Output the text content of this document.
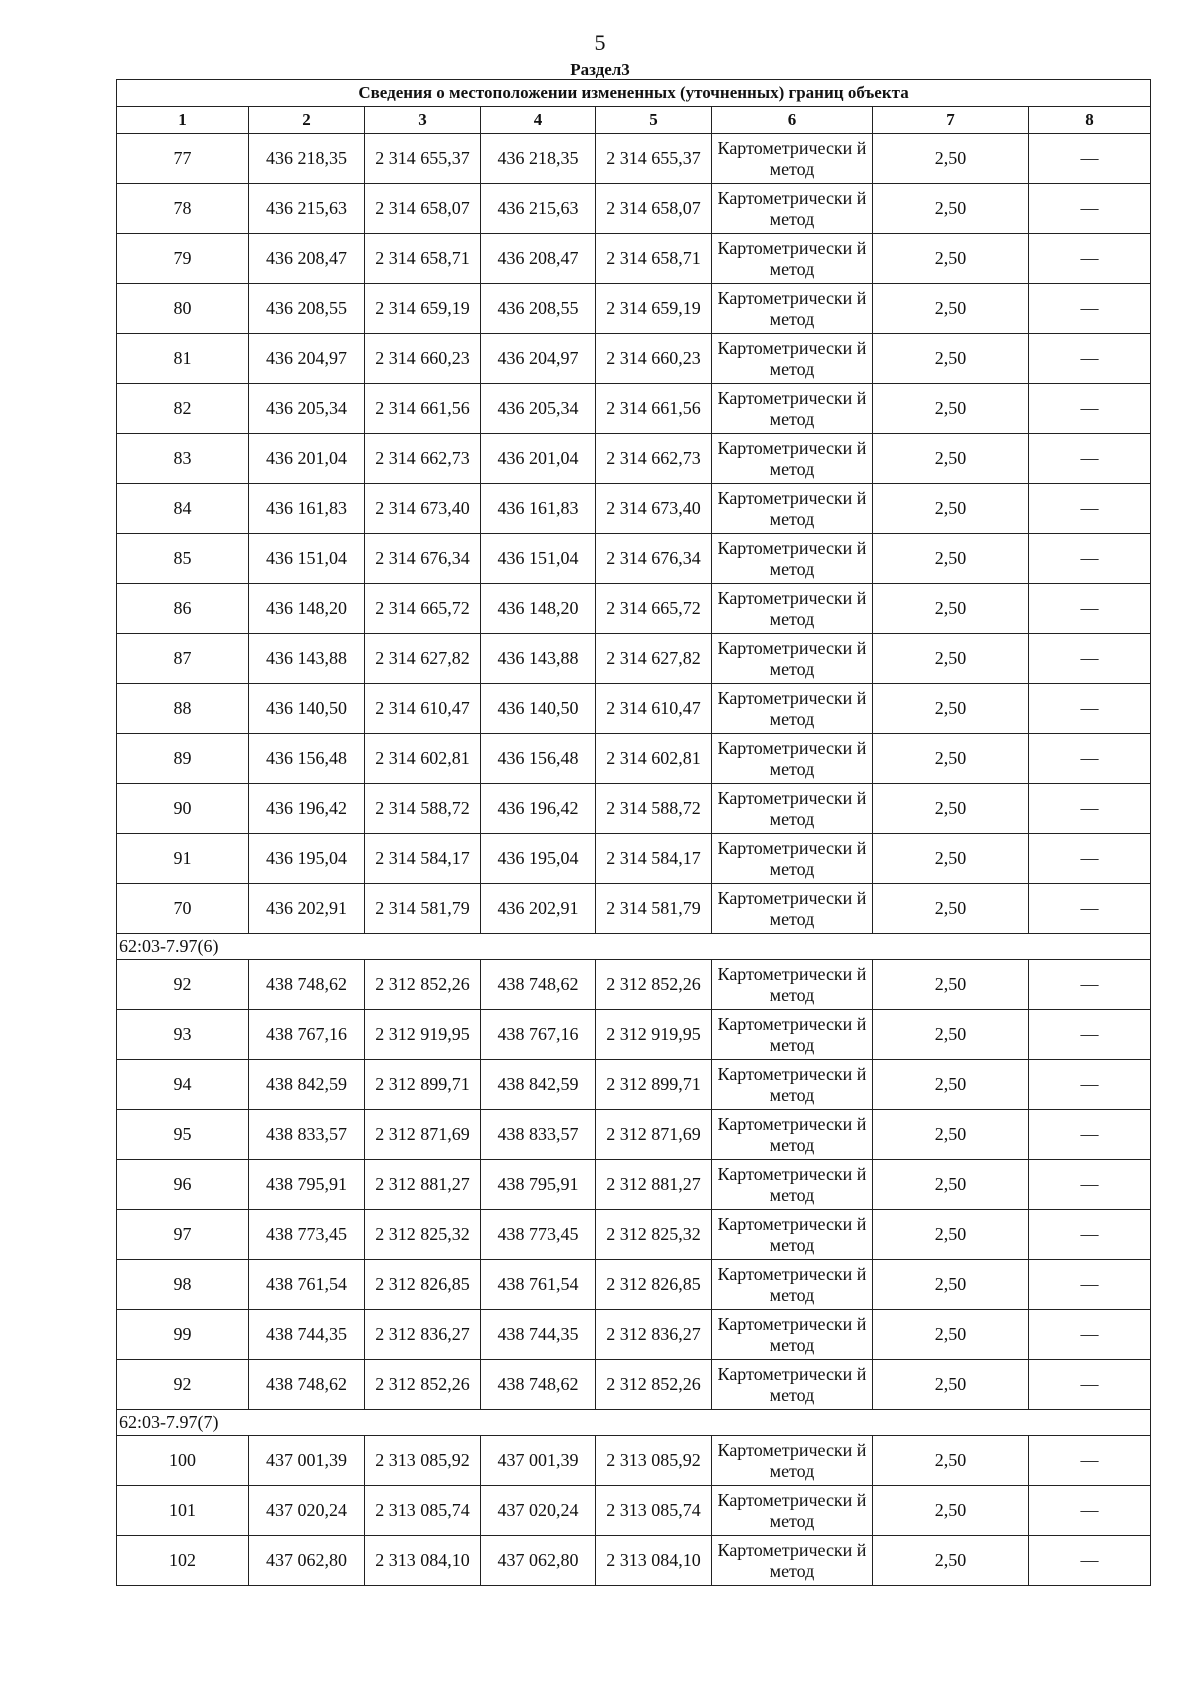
5
Раздел3
Сведения о местоположении измененных (уточненных) границ объекта							
1	2	3	4	5	6	7	8
77	436 218,35	2 314 655,37	436 218,35	2 314 655,37	Картометрически й метод	2,50	—
78	436 215,63	2 314 658,07	436 215,63	2 314 658,07	Картометрически й метод	2,50	—
79	436 208,47	2 314 658,71	436 208,47	2 314 658,71	Картометрически й метод	2,50	—
80	436 208,55	2 314 659,19	436 208,55	2 314 659,19	Картометрически й метод	2,50	—
81	436 204,97	2 314 660,23	436 204,97	2 314 660,23	Картометрически й метод	2,50	—
82	436 205,34	2 314 661,56	436 205,34	2 314 661,56	Картометрически й метод	2,50	—
83	436 201,04	2 314 662,73	436 201,04	2 314 662,73	Картометрически й метод	2,50	—
84	436 161,83	2 314 673,40	436 161,83	2 314 673,40	Картометрически й метод	2,50	—
85	436 151,04	2 314 676,34	436 151,04	2 314 676,34	Картометрически й метод	2,50	—
86	436 148,20	2 314 665,72	436 148,20	2 314 665,72	Картометрически й метод	2,50	—
87	436 143,88	2 314 627,82	436 143,88	2 314 627,82	Картометрически й метод	2,50	—
88	436 140,50	2 314 610,47	436 140,50	2 314 610,47	Картометрически й метод	2,50	—
89	436 156,48	2 314 602,81	436 156,48	2 314 602,81	Картометрически й метод	2,50	—
90	436 196,42	2 314 588,72	436 196,42	2 314 588,72	Картометрически й метод	2,50	—
91	436 195,04	2 314 584,17	436 195,04	2 314 584,17	Картометрически й метод	2,50	—
70	436 202,91	2 314 581,79	436 202,91	2 314 581,79	Картометрически й метод	2,50	—
62:03-7.97(6)							
92	438 748,62	2 312 852,26	438 748,62	2 312 852,26	Картометрически й метод	2,50	—
93	438 767,16	2 312 919,95	438 767,16	2 312 919,95	Картометрически й метод	2,50	—
94	438 842,59	2 312 899,71	438 842,59	2 312 899,71	Картометрически й метод	2,50	—
95	438 833,57	2 312 871,69	438 833,57	2 312 871,69	Картометрически й метод	2,50	—
96	438 795,91	2 312 881,27	438 795,91	2 312 881,27	Картометрически й метод	2,50	—
97	438 773,45	2 312 825,32	438 773,45	2 312 825,32	Картометрически й метод	2,50	—
98	438 761,54	2 312 826,85	438 761,54	2 312 826,85	Картометрически й метод	2,50	—
99	438 744,35	2 312 836,27	438 744,35	2 312 836,27	Картометрически й метод	2,50	—
92	438 748,62	2 312 852,26	438 748,62	2 312 852,26	Картометрически й метод	2,50	—
62:03-7.97(7)							
100	437 001,39	2 313 085,92	437 001,39	2 313 085,92	Картометрически й метод	2,50	—
101	437 020,24	2 313 085,74	437 020,24	2 313 085,74	Картометрически й метод	2,50	—
102	437 062,80	2 313 084,10	437 062,80	2 313 084,10	Картометрически й метод	2,50	—
